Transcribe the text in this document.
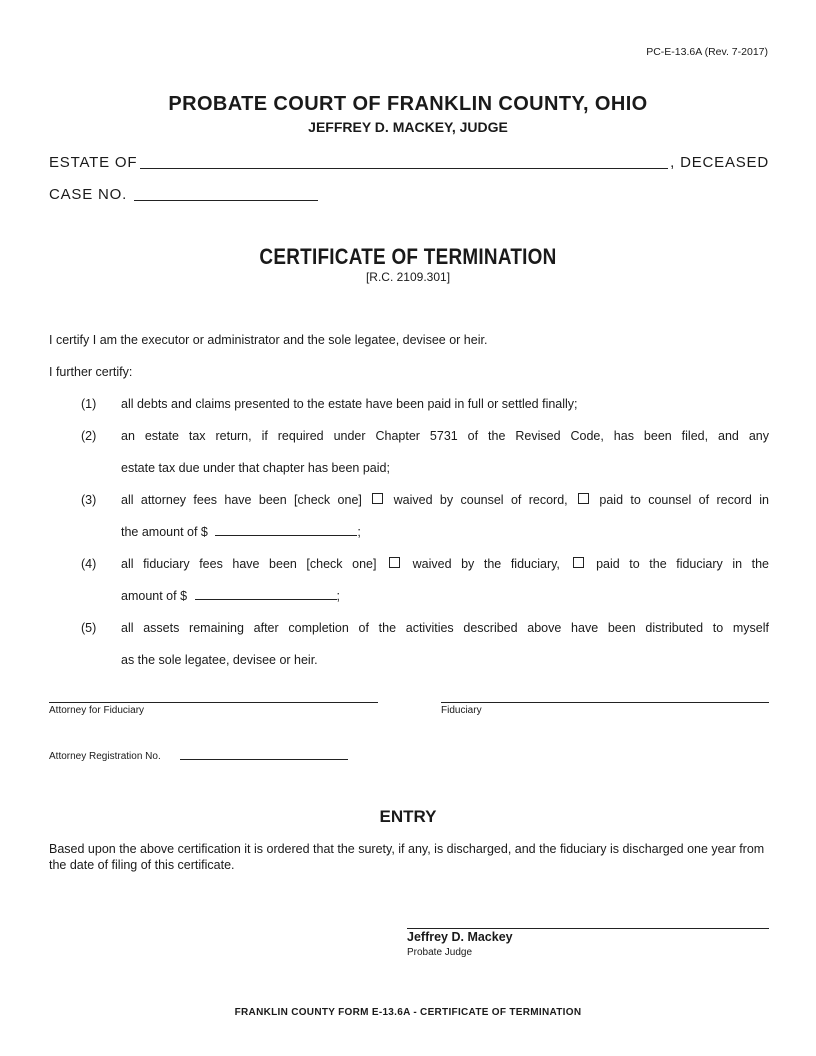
PC-E-13.6A (Rev. 7-2017)
PROBATE COURT OF FRANKLIN COUNTY, OHIO
JEFFREY D. MACKEY, JUDGE
ESTATE OF	, DECEASED
CASE NO.
CERTIFICATE OF TERMINATION
[R.C. 2109.301]
I certify I am the executor or administrator and the sole legatee, devisee or heir.
I further certify:
(1) all debts and claims presented to the estate have been paid in full or settled finally;
(2) an estate tax return, if required under Chapter 5731 of the Revised Code, has been filed, and any
estate tax due under that chapter has been paid;
(3) all attorney fees have been [check one]	waived by counsel of record,	paid to counsel of record in
the amount of $	;
(4) all fiduciary fees have been [check one]	waived by the fiduciary,	paid to the fiduciary in the
amount of $	;
(5) all assets remaining after completion of the activities described above have been distributed to myself
as the sole legatee, devisee or heir.
Attorney for Fiduciary	Fiduciary
Attorney Registration No.
ENTRY
Based upon the above certification it is ordered that the surety, if any, is discharged, and the fiduciary is discharged one year from the date of filing of this certificate.
Jeffrey D. Mackey
Probate Judge
FRANKLIN COUNTY FORM E-13.6A - CERTIFICATE OF TERMINATION
